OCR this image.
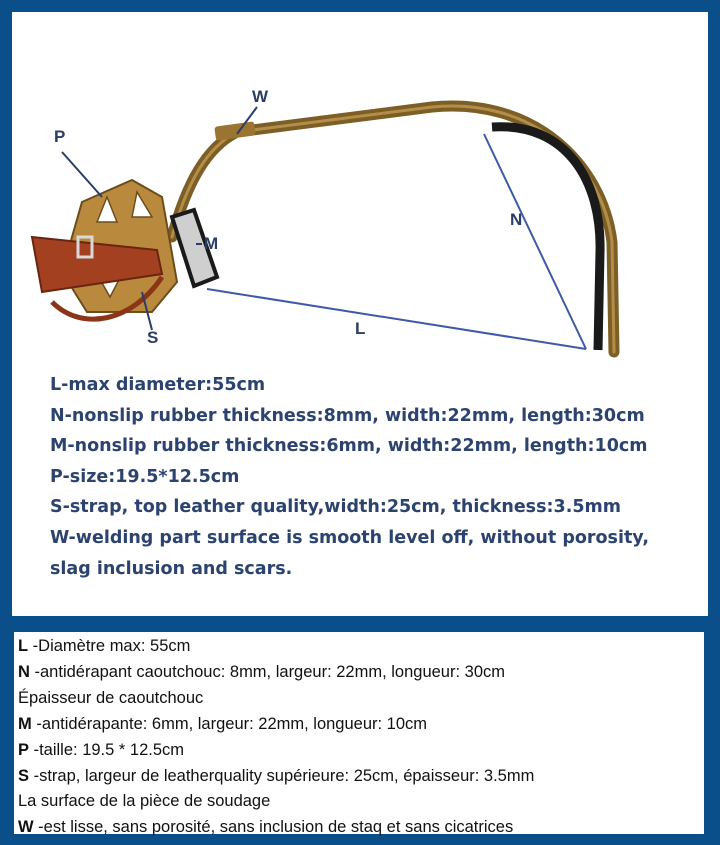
W
P
M
N
S	L
L-max diameter:55cm
N-nonslip rubber thickness:8mm, width:22mm, length:30cm
M-nonslip rubber thickness:6mm, width:22mm, length:10cm
P-size:19.5*12.5cm
S-strap, top leather quality,width:25cm, thickness:3.5mm
W-welding part surface is smooth level off, without porosity,
slag inclusion and scars.
L -Diamètre max: 55cm
N -antidérapant caoutchouc: 8mm, largeur: 22mm, longueur: 30cm
Épaisseur de caoutchouc
M -antidérapante: 6mm, largeur: 22mm, longueur: 10cm
P -taille: 19.5 * 12.5cm
S -strap, largeur de leatherquality supérieure: 25cm, épaisseur: 3.5mm
La surface de la pièce de soudage
W -est lisse, sans porosité, sans inclusion de staq et sans cicatrices
